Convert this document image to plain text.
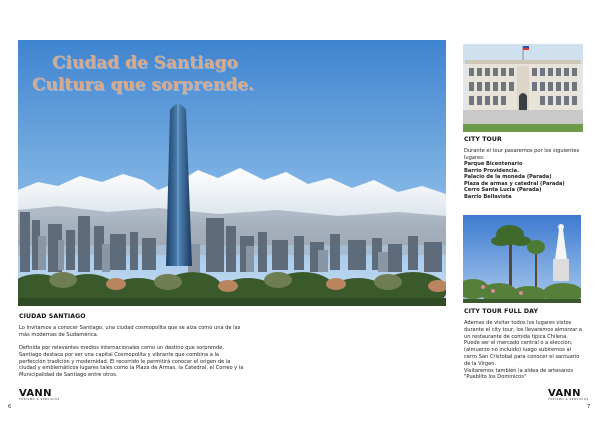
Ciudad de Santiago
Cultura que sorprende.
CIUDAD SANTIAGO
Lo invitamos a conocer Santiago, una ciudad cosmopolita que se alza como una de las
más modernas de Sudamérica.
Definida por relevantes medios internacionales como un destino que sorprende,
Santiago destaca por ser una capital Cosmopolita y vibrante que combina a la
perfección tradición y modernidad. El recorrido le permitirá conocer el origen de la
ciudad y emblemáticos lugares tales como la Plaza de Armas, la Catedral, el Correo y la
Municipalidad de Santiago entre otros.
VANN
TURISMO & SERVICIOS
6
CITY TOUR
Durante el tour pasaremos por los siguientes
lugares:
Parque Bicentenario
Barrio Providencia.
Palacio de la moneda (Parada)
Plaza de armas y catedral (Parada)
Cerro Santa Lucia (Parada)
Barrio Bellavista
CITY TOUR FULL DAY
Ademas de visitar todos los lugares vistos
durante el city tour, los llevaremos almorzar a
un restaurante de comida típica Chilena.
Puede ser el mercado central o a elección,
(almuerzo no incluido) luego subiremos al
cerro San Cristobal para conocer el santuario
de la Virgen.
Visitaremos también la aldea de artesanos
"Pueblito los Dominicos"
VANN
TURISMO & SERVICIOS
7
